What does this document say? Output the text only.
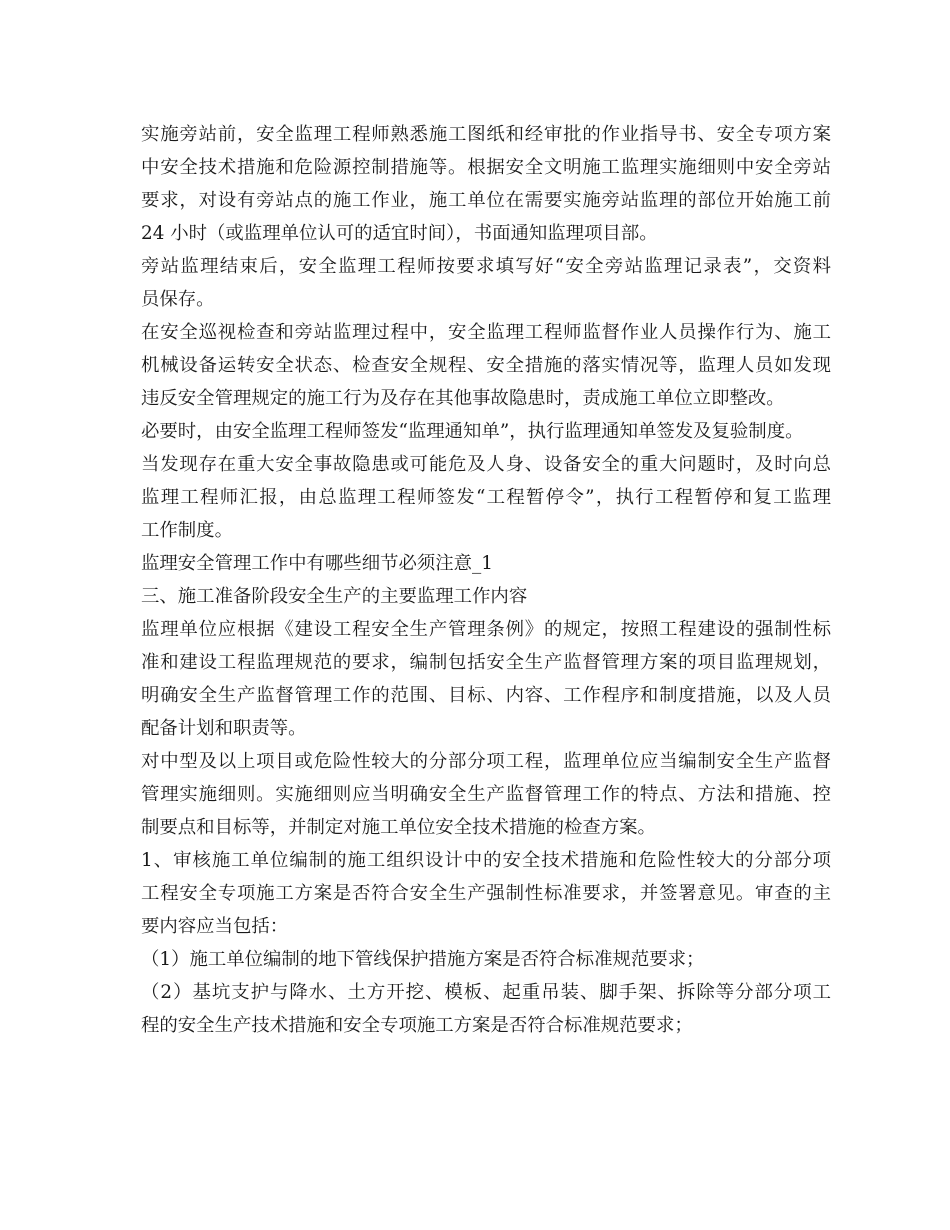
实施旁站前，安全监理工程师熟悉施工图纸和经审批的作业指导书、安全专项方案
中安全技术措施和危险源控制措施等。根据安全文明施工监理实施细则中安全旁站
要求，对设有旁站点的施工作业，施工单位在需要实施旁站监理的部位开始施工前
24 小时（或监理单位认可的适宜时间），书面通知监理项目部。
旁站监理结束后，安全监理工程师按要求填写好“安全旁站监理记录表”，交资料
员保存。
在安全巡视检查和旁站监理过程中，安全监理工程师监督作业人员操作行为、施工
机械设备运转安全状态、检查安全规程、安全措施的落实情况等，监理人员如发现
违反安全管理规定的施工行为及存在其他事故隐患时，责成施工单位立即整改。
必要时，由安全监理工程师签发“监理通知单”，执行监理通知单签发及复验制度。
当发现存在重大安全事故隐患或可能危及人身、设备安全的重大问题时，及时向总
监理工程师汇报，由总监理工程师签发“工程暂停令”，执行工程暂停和复工监理
工作制度。
监理安全管理工作中有哪些细节必须注意_1
三、施工准备阶段安全生产的主要监理工作内容
监理单位应根据《建设工程安全生产管理条例》的规定，按照工程建设的强制性标
准和建设工程监理规范的要求，编制包括安全生产监督管理方案的项目监理规划，
明确安全生产监督管理工作的范围、目标、内容、工作程序和制度措施，以及人员
配备计划和职责等。
对中型及以上项目或危险性较大的分部分项工程，监理单位应当编制安全生产监督
管理实施细则。实施细则应当明确安全生产监督管理工作的特点、方法和措施、控
制要点和目标等，并制定对施工单位安全技术措施的检查方案。
1、审核施工单位编制的施工组织设计中的安全技术措施和危险性较大的分部分项
工程安全专项施工方案是否符合安全生产强制性标准要求，并签署意见。审查的主
要内容应当包括：
（1）施工单位编制的地下管线保护措施方案是否符合标准规范要求；
（2）基坑支护与降水、土方开挖、模板、起重吊装、脚手架、拆除等分部分项工
程的安全生产技术措施和安全专项施工方案是否符合标准规范要求；
